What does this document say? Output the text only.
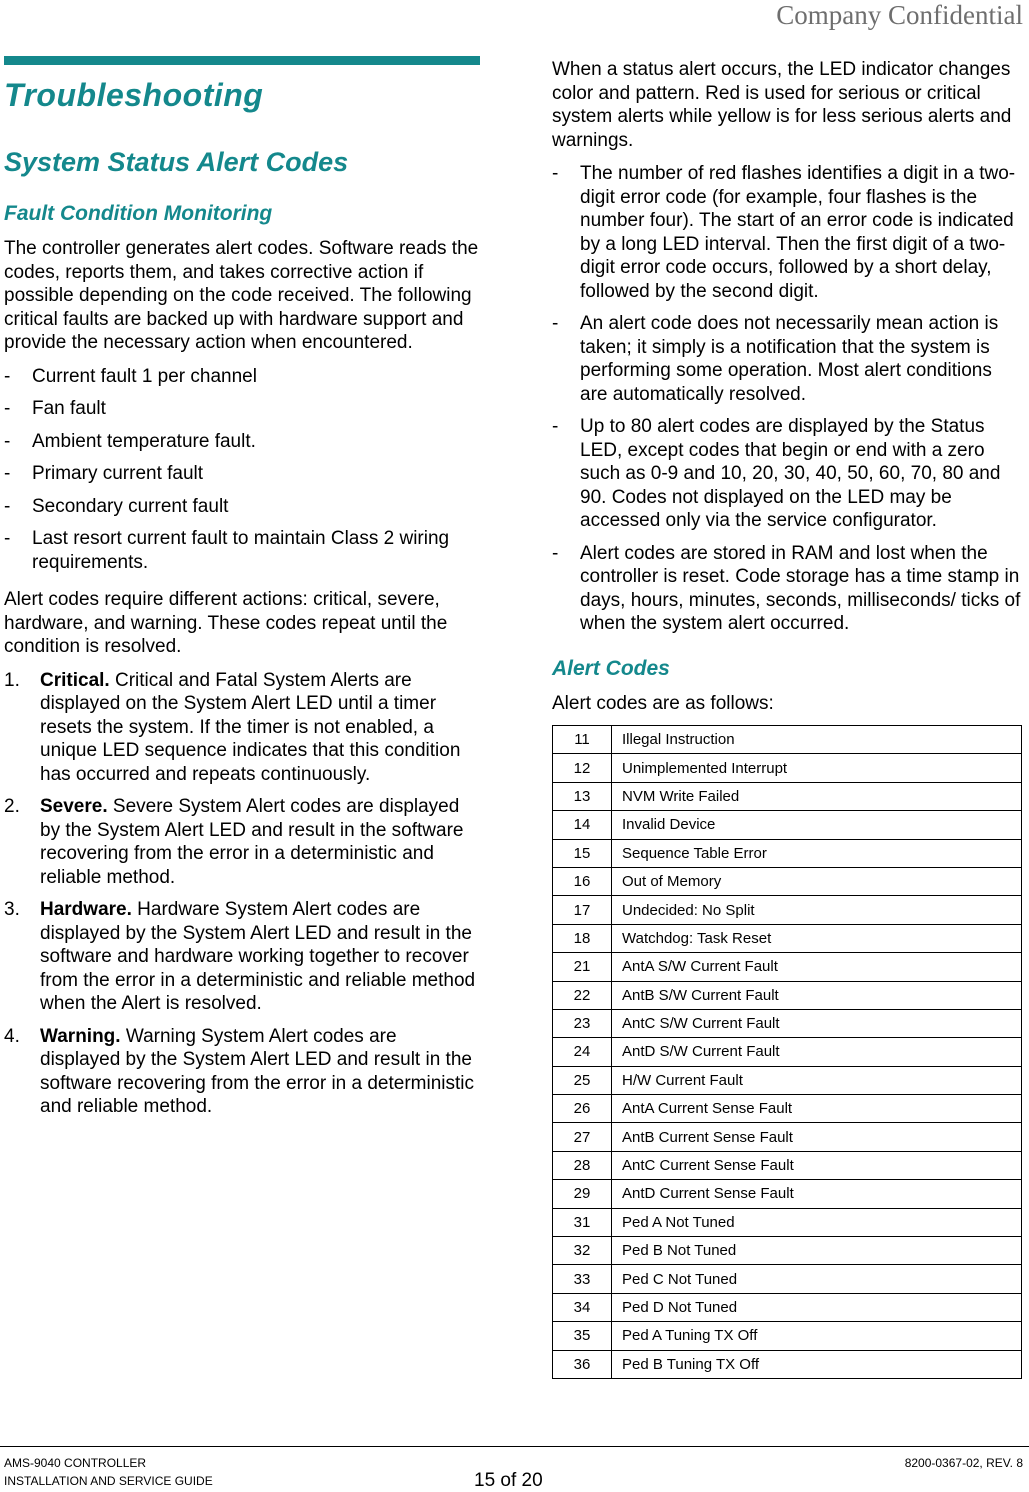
Company Confidential
Troubleshooting
System Status Alert Codes
Fault Condition Monitoring

The controller generates alert codes. Software reads the codes, reports them, and takes corrective action if possible depending on the code received. The following critical faults are backed up with hardware support and provide the necessary action when encountered.

- Current fault 1 per channel
- Fan fault
- Ambient temperature fault.
- Primary current fault
- Secondary current fault
- Last resort current fault to maintain Class 2 wiring requirements.

Alert codes require different actions: critical, severe, hardware, and warning. These codes repeat until the condition is resolved.

1. Critical. Critical and Fatal System Alerts are displayed on the System Alert LED until a timer resets the system. If the timer is not enabled, a unique LED sequence indicates that this condition has occurred and repeats continuously.
2. Severe. Severe System Alert codes are displayed by the System Alert LED and result in the software recovering from the error in a deterministic and reliable method.
3. Hardware. Hardware System Alert codes are displayed by the System Alert LED and result in the software and hardware working together to recover from the error in a deterministic and reliable method when the Alert is resolved.
4. Warning. Warning System Alert codes are displayed by the System Alert LED and result in the software recovering from the error in a deterministic and reliable method.

When a status alert occurs, the LED indicator changes color and pattern. Red is used for serious or critical system alerts while yellow is for less serious alerts and warnings.

- The number of red flashes identifies a digit in a two-digit error code (for example, four flashes is the number four). The start of an error code is indicated by a long LED interval. Then the first digit of a two-digit error code occurs, followed by a short delay, followed by the second digit.
- An alert code does not necessarily mean action is taken; it simply is a notification that the system is performing some operation. Most alert conditions are automatically resolved.
- Up to 80 alert codes are displayed by the Status LED, except codes that begin or end with a zero such as 0-9 and 10, 20, 30, 40, 50, 60, 70, 80 and 90. Codes not displayed on the LED may be accessed only via the service configurator.
- Alert codes are stored in RAM and lost when the controller is reset. Code storage has a time stamp in days, hours, minutes, seconds, milliseconds/ ticks of when the system alert occurred.
Alert Codes

Alert codes are as follows:

11	Illegal Instruction
12	Unimplemented Interrupt
13	NVM Write Failed
14	Invalid Device
15	Sequence Table Error
16	Out of Memory
17	Undecided: No Split
18	Watchdog: Task Reset
21	AntA S/W Current Fault
22	AntB S/W Current Fault
23	AntC S/W Current Fault
24	AntD S/W Current Fault
25	H/W Current Fault
26	AntA Current Sense Fault
27	AntB Current Sense Fault
28	AntC Current Sense Fault
29	AntD Current Sense Fault
31	Ped A Not Tuned
32	Ped B Not Tuned
33	Ped C Not Tuned
34	Ped D Not Tuned
35	Ped A Tuning TX Off
36	Ped B Tuning TX Off
AMS-9040 CONTROLLER
INSTALLATION AND SERVICE GUIDE
8200-0367-02, REV. 8
15 of 20
